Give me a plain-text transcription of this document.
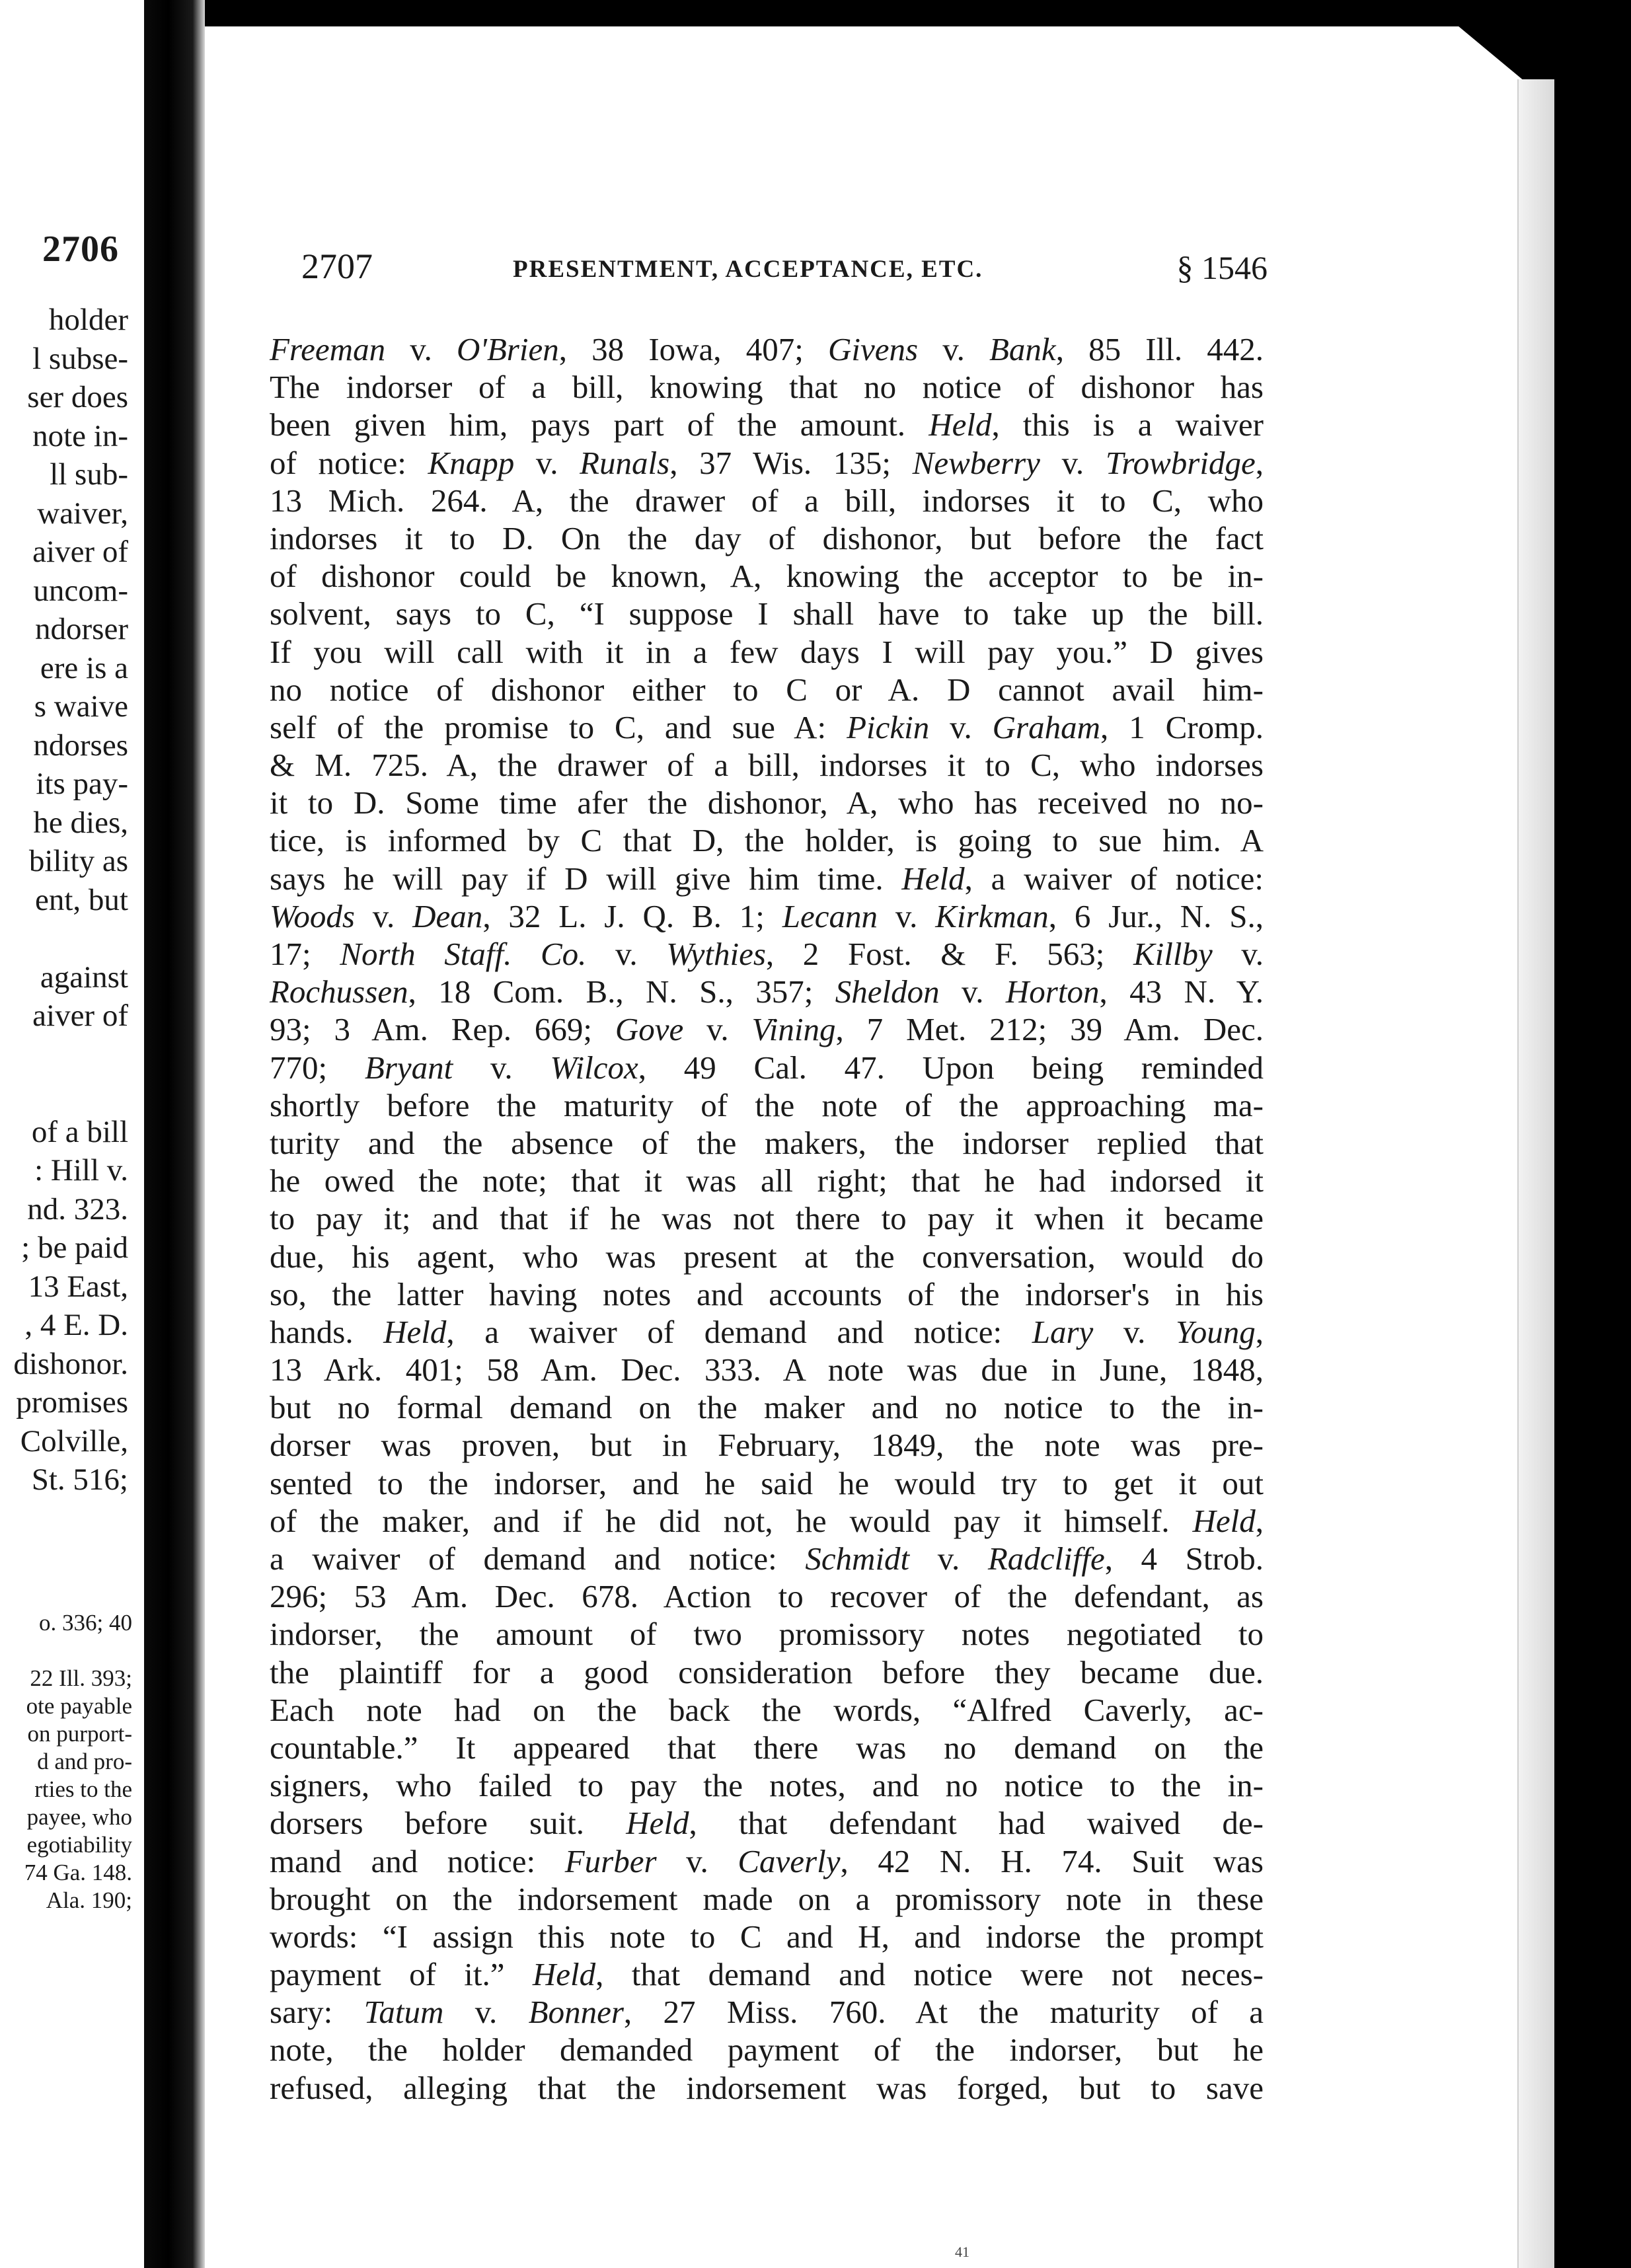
2706
holder
l subse-
ser does
note in-
ll sub-
waiver,
aiver of
uncom-
ndorser
ere is a
s waive
ndorses
its pay-
he dies,
bility as
ent, but

against
aiver of

of a bill
: Hill v.
nd. 323.
; be paid
13 East,
, 4 E. D.
dishonor.
promises
Colville,
St. 516;
o. 336; 40

22 Ill. 393;
ote payable
on purport-
d and pro-
rties to the
payee, who
egotiability
74 Ga. 148.
Ala. 190;
2707	PRESENTMENT, ACCEPTANCE, ETC.	§ 1546
Freeman v. O'Brien, 38 Iowa, 407; Givens v. Bank, 85 Ill. 442.
The indorser of a bill, knowing that no notice of dishonor has
been given him, pays part of the amount. Held, this is a waiver
of notice: Knapp v. Runals, 37 Wis. 135; Newberry v. Trowbridge,
13 Mich. 264. A, the drawer of a bill, indorses it to C, who
indorses it to D. On the day of dishonor, but before the fact
of dishonor could be known, A, knowing the acceptor to be in-
solvent, says to C, “I suppose I shall have to take up the bill.
If you will call with it in a few days I will pay you.” D gives
no notice of dishonor either to C or A. D cannot avail him-
self of the promise to C, and sue A: Pickin v. Graham, 1 Cromp.
& M. 725. A, the drawer of a bill, indorses it to C, who indorses
it to D. Some time afer the dishonor, A, who has received no no-
tice, is informed by C that D, the holder, is going to sue him. A
says he will pay if D will give him time. Held, a waiver of notice:
Woods v. Dean, 32 L. J. Q. B. 1; Lecann v. Kirkman, 6 Jur., N. S.,
17; North Staff. Co. v. Wythies, 2 Fost. & F. 563; Killby v.
Rochussen, 18 Com. B., N. S., 357; Sheldon v. Horton, 43 N. Y.
93; 3 Am. Rep. 669; Gove v. Vining, 7 Met. 212; 39 Am. Dec.
770; Bryant v. Wilcox, 49 Cal. 47. Upon being reminded
shortly before the maturity of the note of the approaching ma-
turity and the absence of the makers, the indorser replied that
he owed the note; that it was all right; that he had indorsed it
to pay it; and that if he was not there to pay it when it became
due, his agent, who was present at the conversation, would do
so, the latter having notes and accounts of the indorser's in his
hands. Held, a waiver of demand and notice: Lary v. Young,
13 Ark. 401; 58 Am. Dec. 333. A note was due in June, 1848,
but no formal demand on the maker and no notice to the in-
dorser was proven, but in February, 1849, the note was pre-
sented to the indorser, and he said he would try to get it out
of the maker, and if he did not, he would pay it himself. Held,
a waiver of demand and notice: Schmidt v. Radcliffe, 4 Strob.
296; 53 Am. Dec. 678. Action to recover of the defendant, as
indorser, the amount of two promissory notes negotiated to
the plaintiff for a good consideration before they became due.
Each note had on the back the words, “Alfred Caverly, ac-
countable.” It appeared that there was no demand on the
signers, who failed to pay the notes, and no notice to the in-
dorsers before suit. Held, that defendant had waived de-
mand and notice: Furber v. Caverly, 42 N. H. 74. Suit was
brought on the indorsement made on a promissory note in these
words: “I assign this note to C and H, and indorse the prompt
payment of it.” Held, that demand and notice were not neces-
sary: Tatum v. Bonner, 27 Miss. 760. At the maturity of a
note, the holder demanded payment of the indorser, but he
refused, alleging that the indorsement was forged, but to save
41
